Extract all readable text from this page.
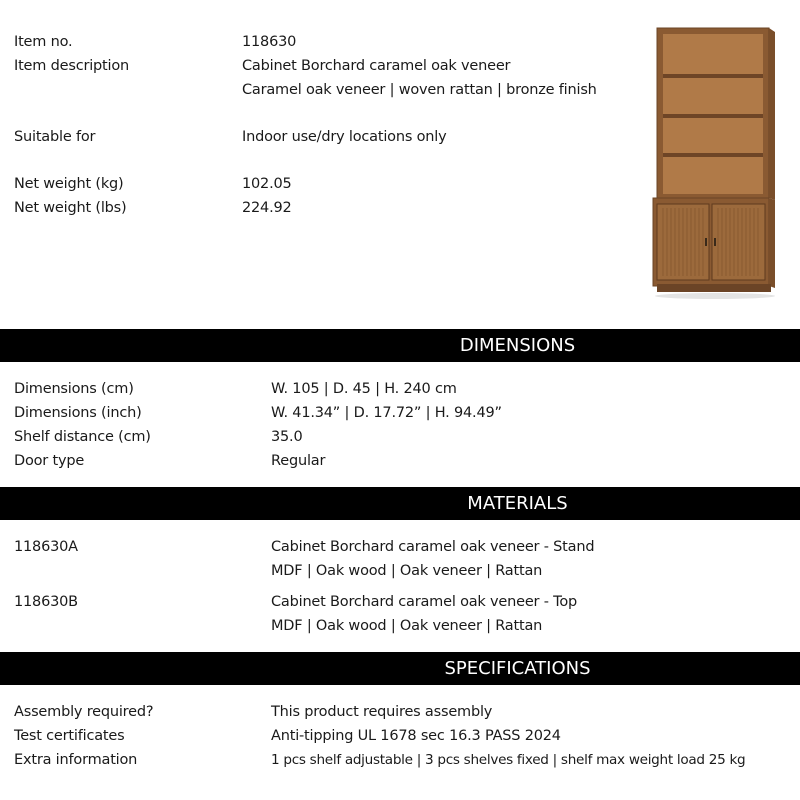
Item no.	118630
Item description	Cabinet Borchard caramel oak veneer
Caramel oak veneer | woven rattan | bronze finish
Suitable for	Indoor use/dry locations only
Net weight (kg)	102.05
Net weight (lbs)	224.92
DIMENSIONS
Dimensions (cm)	W. 105 | D. 45 | H. 240 cm
Dimensions (inch)	W. 41.34” | D. 17.72” | H. 94.49”
Shelf distance (cm)	35.0
Door type	Regular
MATERIALS
118630A	Cabinet Borchard caramel oak veneer - Stand
MDF | Oak wood | Oak veneer | Rattan
118630B	Cabinet Borchard caramel oak veneer - Top
MDF | Oak wood | Oak veneer | Rattan
SPECIFICATIONS
Assembly required?	This product requires assembly
Test certificates	Anti-tipping UL 1678 sec 16.3 PASS 2024
Extra information	1 pcs shelf adjustable | 3 pcs shelves fixed | shelf max weight load 25 kg
